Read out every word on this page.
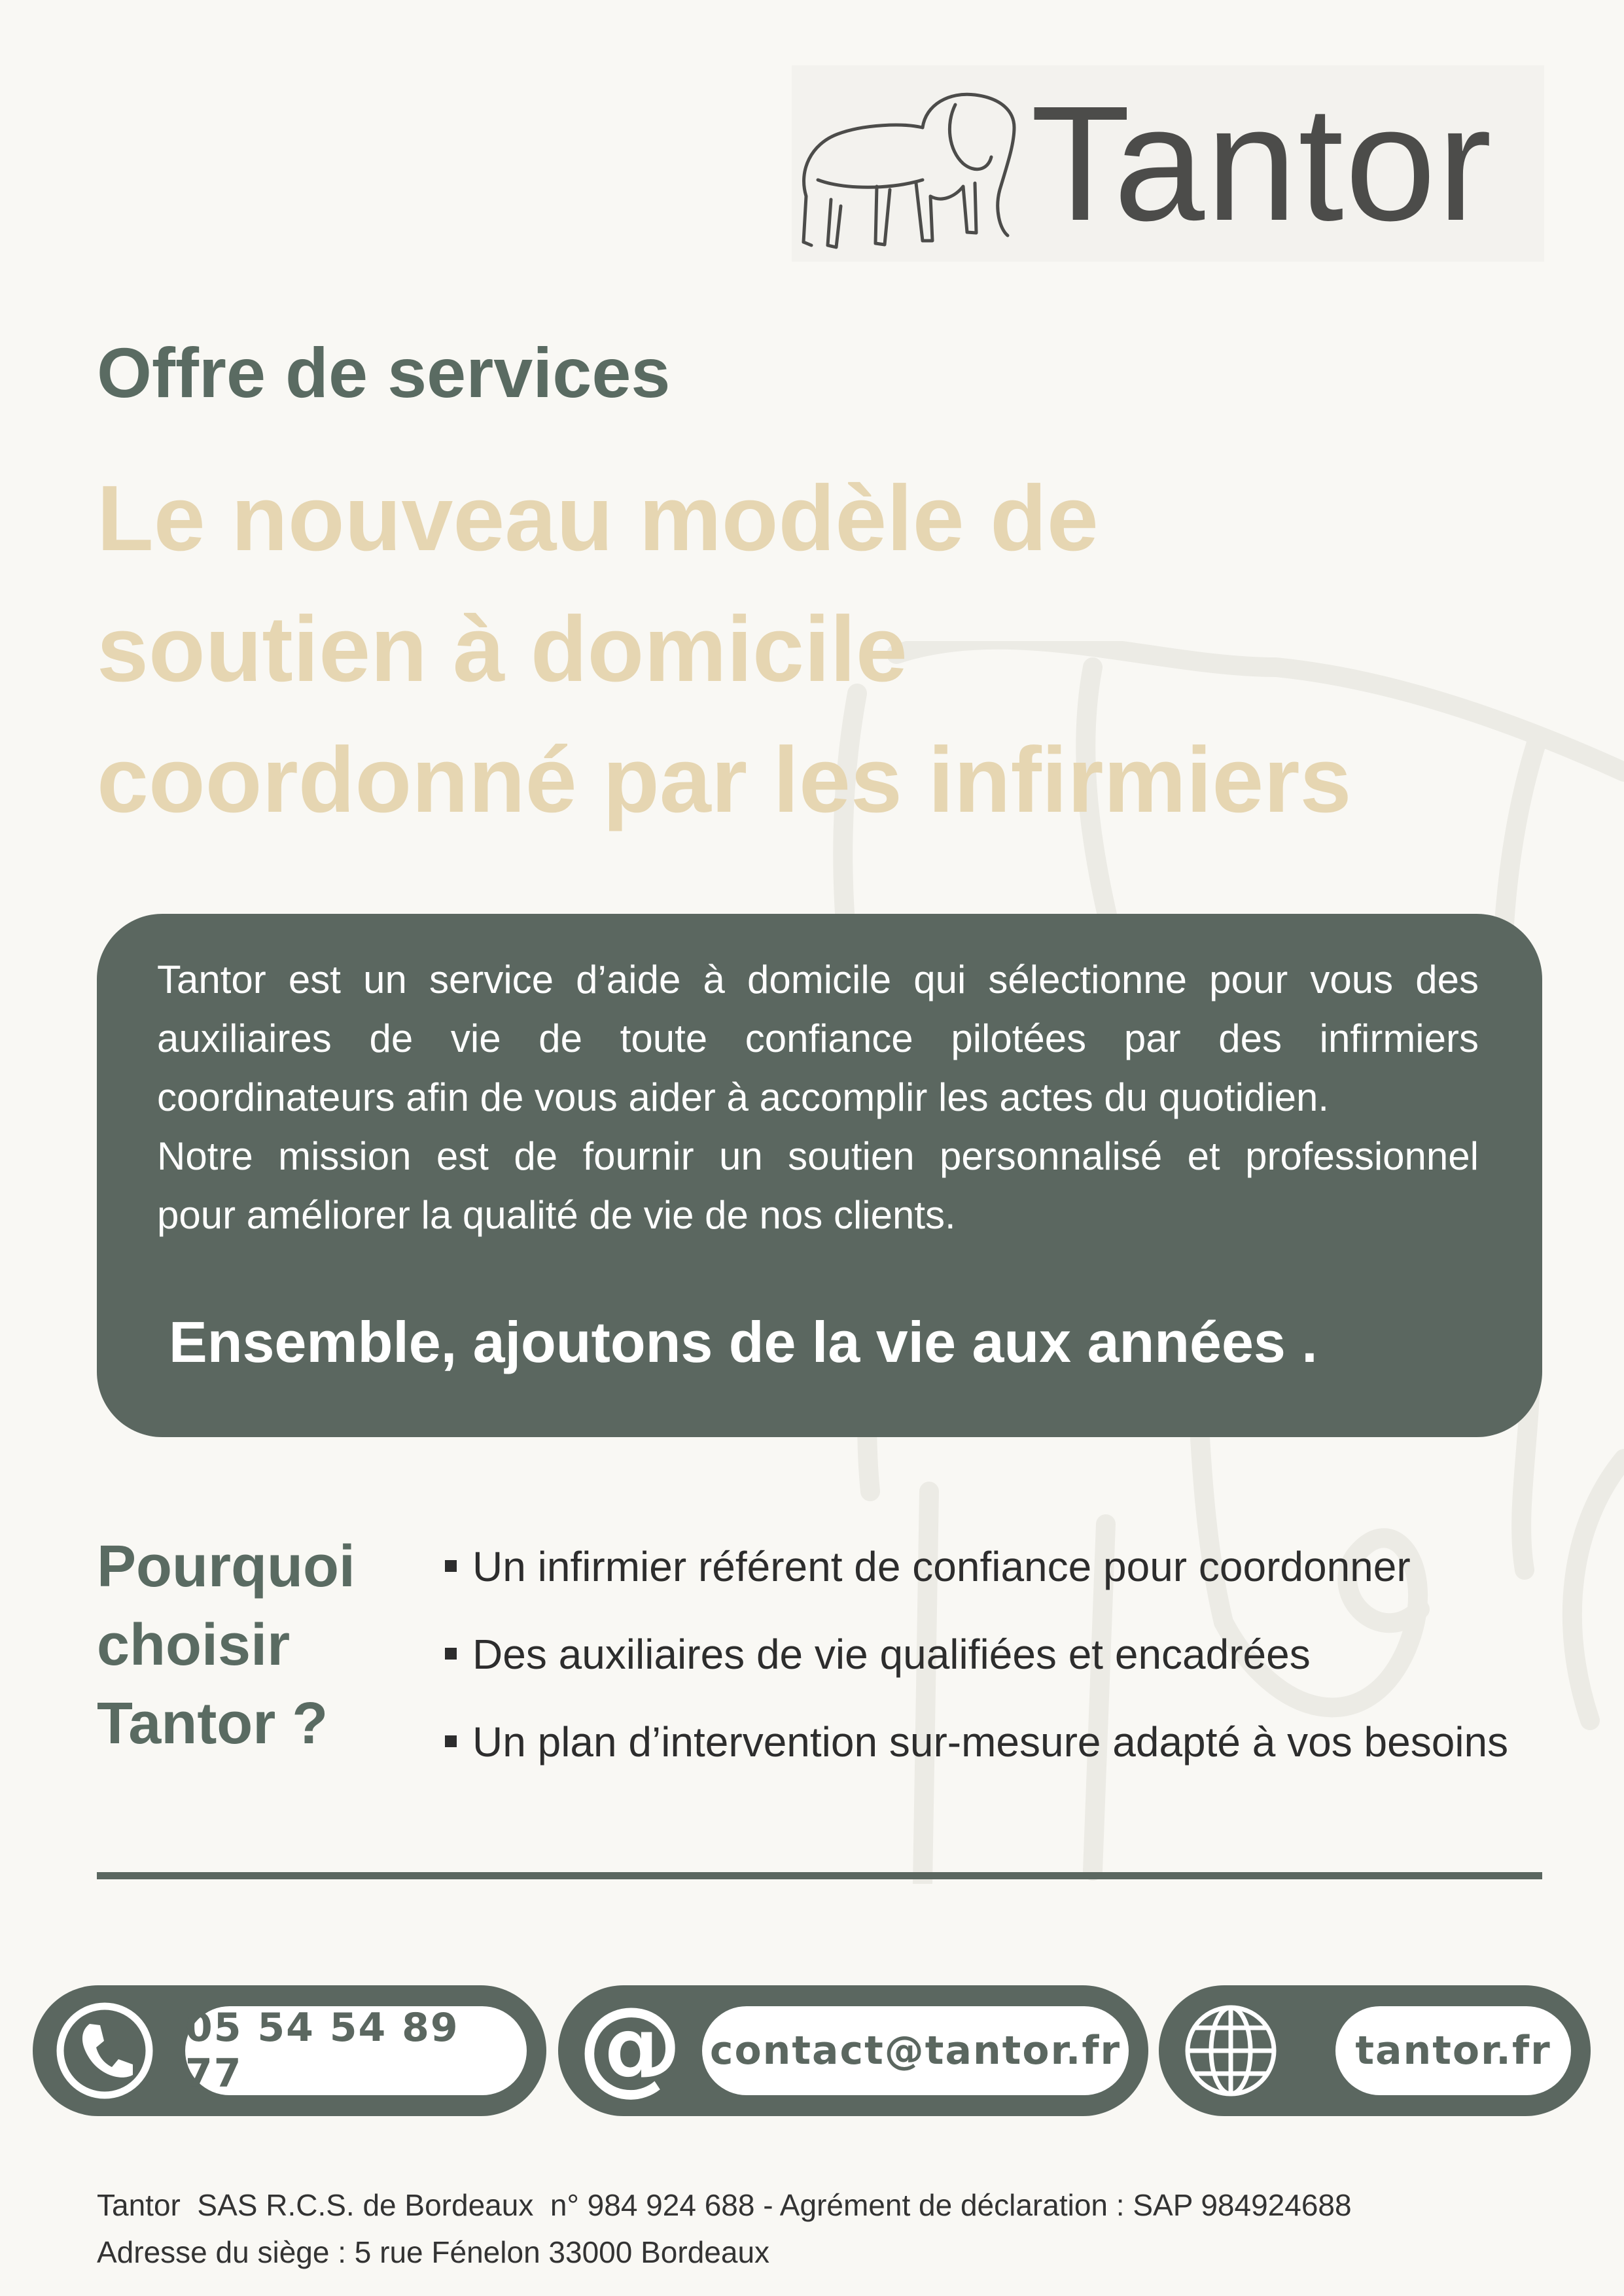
Tantor
Offre de services
Le nouveau modèle de
soutien à domicile
coordonné par les infirmiers
Tantor est un service d’aide à domicile qui sélectionne pour vous des
auxiliaires de vie de toute confiance pilotées par des infirmiers
coordinateurs afin de vous aider à accomplir les actes du quotidien.
Notre mission est de fournir un soutien personnalisé et professionnel
pour améliorer la qualité de vie de nos clients.
Ensemble, ajoutons de la vie aux années .
Pourquoi
choisir
Tantor ?
Un infirmier référent de confiance pour coordonner
Des auxiliaires de vie qualifiées et encadrées
Un plan d’intervention sur-mesure adapté à vos besoins
05 54 54 89 77	@ contact@tantor.fr	tantor.fr
Tantor  SAS R.C.S. de Bordeaux  n° 984 924 688 - Agrément de déclaration : SAP 984924688
Adresse du siège : 5 rue Fénelon 33000 Bordeaux
